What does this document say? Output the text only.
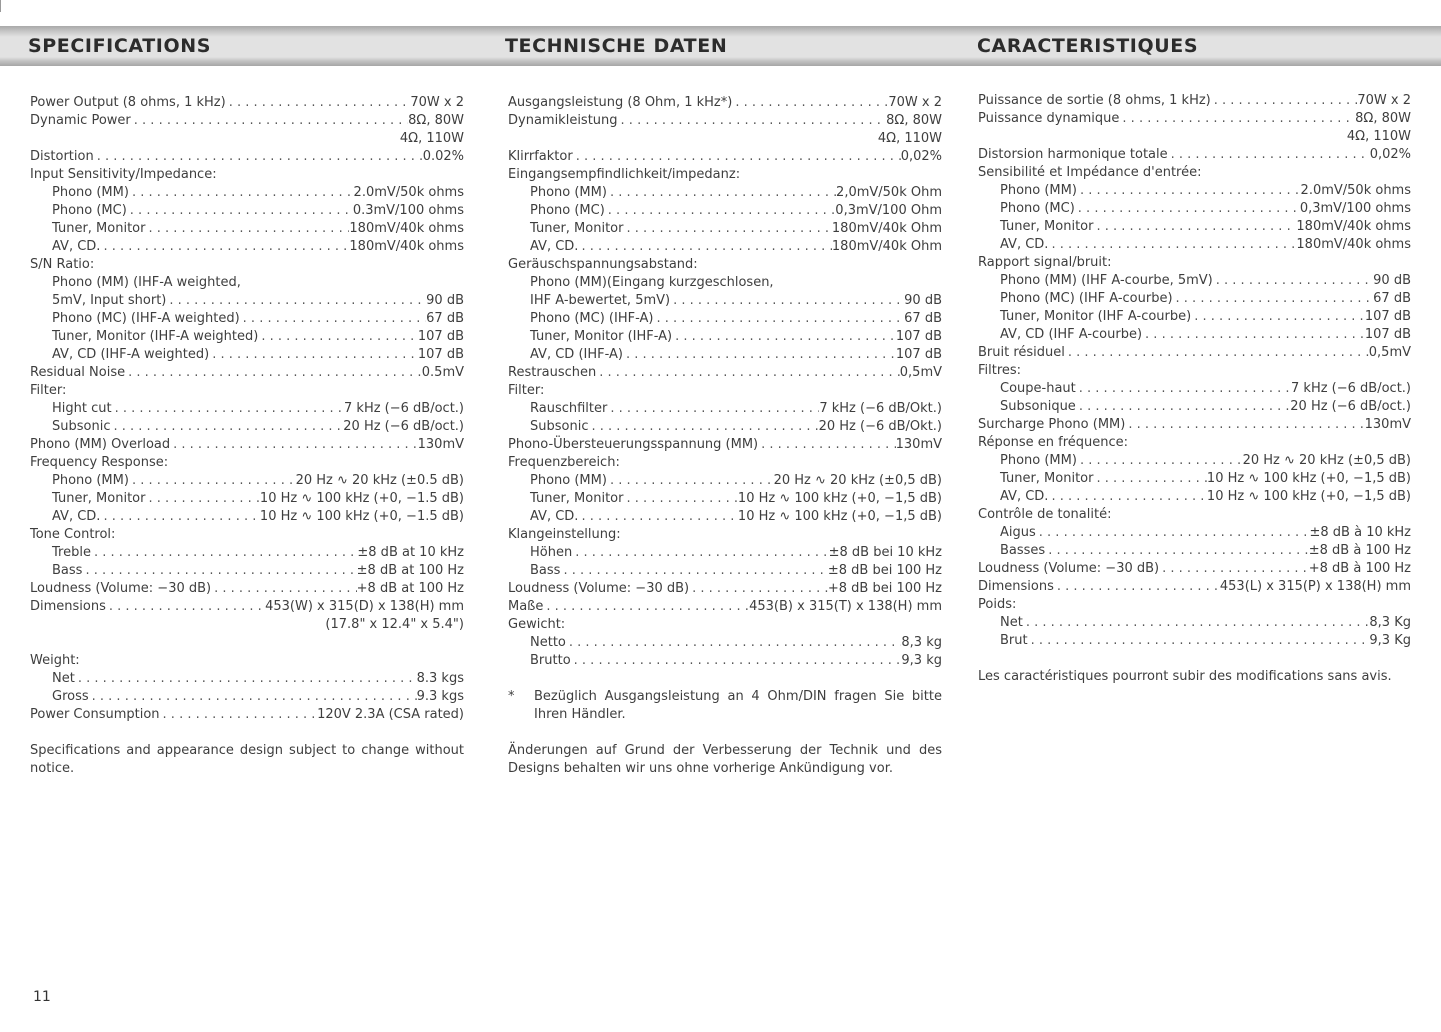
SPECIFICATIONS	TECHNISCHE DATEN	CARACTERISTIQUES
Power Output (8 ohms, 1 kHz) . . .	70W x 2
Dynamic Power . . .	8Ω, 80W
4Ω, 110W
Distortion . . .	0.02%
Input Sensitivity/Impedance:
Phono (MM) . . .	2.0mV/50k ohms
Phono (MC) . . .	0.3mV/100 ohms
Tuner, Monitor . . .	180mV/40k ohms
AV, CD. . . .	180mV/40k ohms
S/N Ratio:
Phono (MM) (IHF-A weighted,
5mV, Input short) . . .	90 dB
Phono (MC) (IHF-A weighted) . . .	67 dB
Tuner, Monitor (IHF-A weighted) . . .	107 dB
AV, CD (IHF-A weighted) . . .	107 dB
Residual Noise . . .	0.5mV
Filter:
Hight cut . . .	7 kHz (−6 dB/oct.)
Subsonic . . .	20 Hz (−6 dB/oct.)
Phono (MM) Overload . . .	130mV
Frequency Response:
Phono (MM) . . .	20 Hz ∿ 20 kHz (±0.5 dB)
Tuner, Monitor . . .	10 Hz ∿ 100 kHz (+0, −1.5 dB)
AV, CD. . . .	10 Hz ∿ 100 kHz (+0, −1.5 dB)
Tone Control:
Treble . . .	±8 dB at 10 kHz
Bass . . .	±8 dB at 100 Hz
Loudness (Volume: −30 dB) . . .	+8 dB at 100 Hz
Dimensions . . .	453(W) x 315(D) x 138(H) mm
(17.8" x 12.4" x 5.4")
Weight:
Net . . .	8.3 kgs
Gross . . .	9.3 kgs
Power Consumption . . .	120V 2.3A (CSA rated)
Specifications and appearance design subject to change without notice.
Ausgangsleistung (8 Ohm, 1 kHz*) . . .	70W x 2
Dynamikleistung . . .	8Ω, 80W
4Ω, 110W
Klirrfaktor . . .	0,02%
Eingangsempfindlichkeit/impedanz:
Phono (MM) . . .	2,0mV/50k Ohm
Phono (MC) . . .	0,3mV/100 Ohm
Tuner, Monitor . . .	180mV/40k Ohm
AV, CD. . . .	180mV/40k Ohm
Geräuschspannungsabstand:
Phono (MM)(Eingang kurzgeschlosen,
IHF A-bewertet, 5mV) . . .	90 dB
Phono (MC) (IHF-A) . . .	67 dB
Tuner, Monitor (IHF-A) . . .	107 dB
AV, CD (IHF-A) . . .	107 dB
Restrauschen . . .	0,5mV
Filter:
Rauschfilter . . .	7 kHz (−6 dB/Okt.)
Subsonic . . .	20 Hz (−6 dB/Okt.)
Phono-Übersteuerungsspannung (MM) . . .	130mV
Frequenzbereich:
Phono (MM) . . .	20 Hz ∿ 20 kHz (±0,5 dB)
Tuner, Monitor . . .	10 Hz ∿ 100 kHz (+0, −1,5 dB)
AV, CD. . . .	10 Hz ∿ 100 kHz (+0, −1,5 dB)
Klangeinstellung:
Höhen . . .	±8 dB bei 10 kHz
Bass . . .	±8 dB bei 100 Hz
Loudness (Volume: −30 dB) . . .	+8 dB bei 100 Hz
Maße . . .	453(B) x 315(T) x 138(H) mm
Gewicht:
Netto . . .	8,3 kg
Brutto . . .	9,3 kg
*	Bezüglich Ausgangsleistung an 4 Ohm/DIN fragen Sie bitte Ihren Händler.
Änderungen auf Grund der Verbesserung der Technik und des Designs behalten wir uns ohne vorherige Ankündigung vor.
Puissance de sortie (8 ohms, 1 kHz) . . .	70W x 2
Puissance dynamique . . .	8Ω, 80W
4Ω, 110W
Distorsion harmonique totale . . .	0,02%
Sensibilité et Impédance d'entrée:
Phono (MM) . . .	2.0mV/50k ohms
Phono (MC) . . .	0,3mV/100 ohms
Tuner, Monitor . . .	180mV/40k ohms
AV, CD. . . .	180mV/40k ohms
Rapport signal/bruit:
Phono (MM) (IHF A-courbe, 5mV) . . .	90 dB
Phono (MC) (IHF A-courbe) . . .	67 dB
Tuner, Monitor (IHF A-courbe) . . .	107 dB
AV, CD (IHF A-courbe) . . .	107 dB
Bruit résiduel . . .	0,5mV
Filtres:
Coupe-haut . . .	7 kHz (−6 dB/oct.)
Subsonique . . .	20 Hz (−6 dB/oct.)
Surcharge Phono (MM) . . .	130mV
Réponse en fréquence:
Phono (MM) . . .	20 Hz ∿ 20 kHz (±0,5 dB)
Tuner, Monitor . . .	10 Hz ∿ 100 kHz (+0, −1,5 dB)
AV, CD. . . .	10 Hz ∿ 100 kHz (+0, −1,5 dB)
Contrôle de tonalité:
Aigus . . .	±8 dB à 10 kHz
Basses . . .	±8 dB à 100 Hz
Loudness (Volume: −30 dB) . . .	+8 dB à 100 Hz
Dimensions . . .	453(L) x 315(P) x 138(H) mm
Poids:
Net . . .	8,3 Kg
Brut . . .	9,3 Kg
Les caractéristiques pourront subir des modifications sans avis.
11
